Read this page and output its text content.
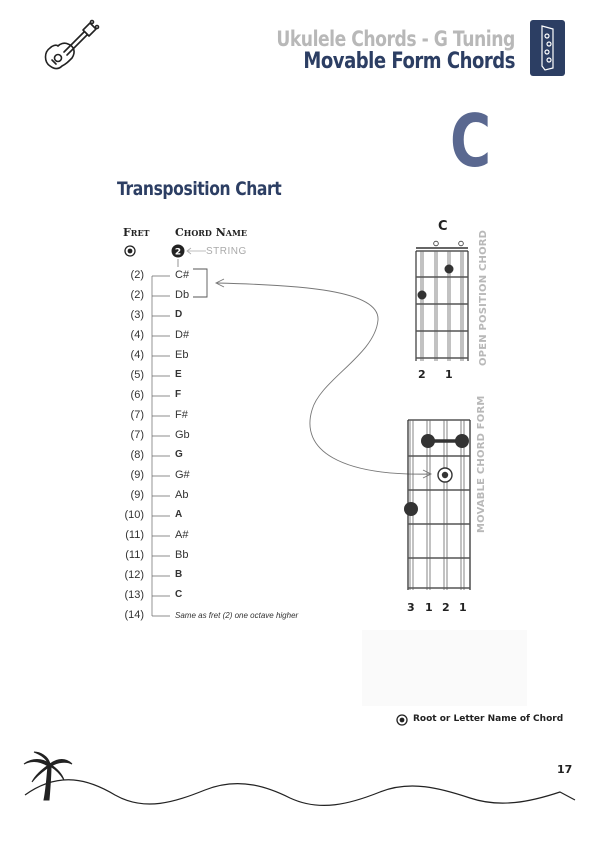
Ukulele Chords - G Tuning
Movable Form Chords
C
Transposition Chart
Fret Chord Name
2 STRING
(2)	C#
(2)	Db
(3)	D
(4)	D#
(4)	Eb
(5)	E
(6)	F
(7)	F#
(7)	Gb
(8)	G
(9)	G#
(9)	Ab
(10)	A
(11)	A#
(11)	Bb
(12)	B
(13)	C
(14)	Same as fret (2) one octave higher
C
2 1
OPEN POSITION CHORD
3 1 2 1
MOVABLE CHORD FORM
Root or Letter Name of Chord
17
